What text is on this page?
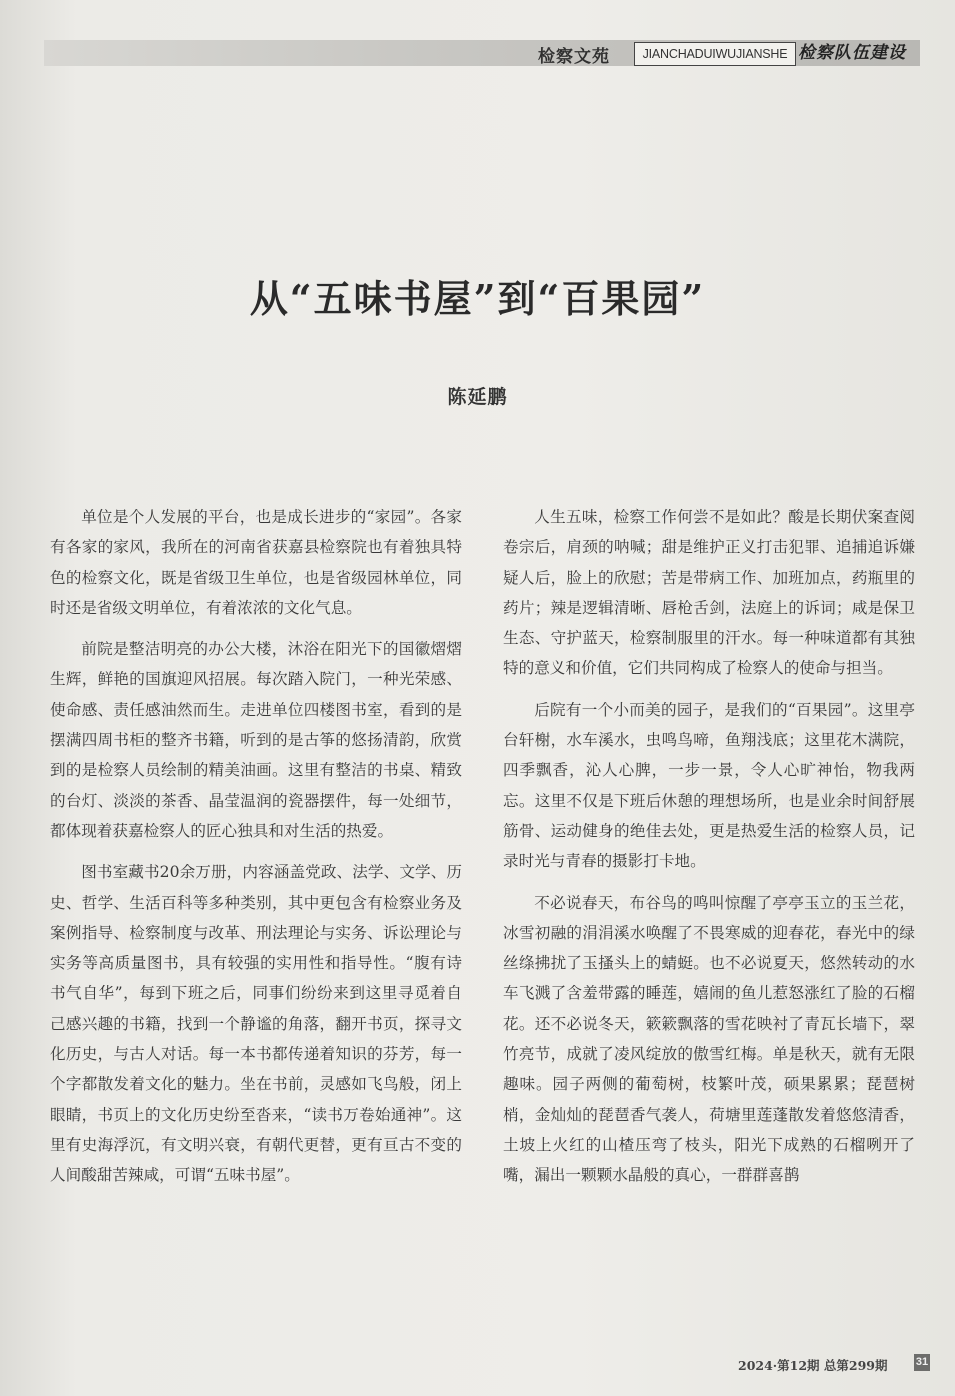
检察文苑	JIANCHADUIWUJIANSHE 检察队伍建设
从“五味书屋”到“百果园”
陈延鹏

单位是个人发展的平台，也是成长进步的“家园”。各家有各家的家风，我所在的河南省获嘉县检察院也有着独具特色的检察文化，既是省级卫生单位，也是省级园林单位，同时还是省级文明单位，有着浓浓的文化气息。

前院是整洁明亮的办公大楼，沐浴在阳光下的国徽熠熠生辉，鲜艳的国旗迎风招展。每次踏入院门，一种光荣感、使命感、责任感油然而生。走进单位四楼图书室，看到的是摆满四周书柜的整齐书籍，听到的是古筝的悠扬清韵，欣赏到的是检察人员绘制的精美油画。这里有整洁的书桌、精致的台灯、淡淡的茶香、晶莹温润的瓷器摆件，每一处细节，都体现着获嘉检察人的匠心独具和对生活的热爱。

图书室藏书20余万册，内容涵盖党政、法学、文学、历史、哲学、生活百科等多种类别，其中更包含有检察业务及案例指导、检察制度与改革、刑法理论与实务、诉讼理论与实务等高质量图书，具有较强的实用性和指导性。“腹有诗书气自华”，每到下班之后，同事们纷纷来到这里寻觅着自己感兴趣的书籍，找到一个静谧的角落，翻开书页，探寻文化历史，与古人对话。每一本书都传递着知识的芬芳，每一个字都散发着文化的魅力。坐在书前，灵感如飞鸟般，闭上眼睛，书页上的文化历史纷至沓来，“读书万卷始通神”。这里有史海浮沉，有文明兴衰，有朝代更替，更有亘古不变的人间酸甜苦辣咸，可谓“五味书屋”。

人生五味，检察工作何尝不是如此？酸是长期伏案查阅卷宗后，肩颈的呐喊；甜是维护正义打击犯罪、追捕追诉嫌疑人后，脸上的欣慰；苦是带病工作、加班加点，药瓶里的药片；辣是逻辑清晰、唇枪舌剑，法庭上的诉词；咸是保卫生态、守护蓝天，检察制服里的汗水。每一种味道都有其独特的意义和价值，它们共同构成了检察人的使命与担当。

后院有一个小而美的园子，是我们的“百果园”。这里亭台轩榭，水车溪水，虫鸣鸟啼，鱼翔浅底；这里花木满院，四季飘香，沁人心脾，一步一景，令人心旷神怡，物我两忘。这里不仅是下班后休憩的理想场所，也是业余时间舒展筋骨、运动健身的绝佳去处，更是热爱生活的检察人员，记录时光与青春的摄影打卡地。

不必说春天，布谷鸟的鸣叫惊醒了亭亭玉立的玉兰花，冰雪初融的涓涓溪水唤醒了不畏寒威的迎春花，春光中的绿丝绦拂扰了玉搔头上的蜻蜓。也不必说夏天，悠然转动的水车飞溅了含羞带露的睡莲，嬉闹的鱼儿惹怒涨红了脸的石榴花。还不必说冬天，簌簌飘落的雪花映衬了青瓦长墙下，翠竹亮节，成就了凌风绽放的傲雪红梅。单是秋天，就有无限趣味。园子两侧的葡萄树，枝繁叶茂，硕果累累；琵琶树梢，金灿灿的琵琶香气袭人，荷塘里莲蓬散发着悠悠清香，土坡上火红的山楂压弯了枝头，阳光下成熟的石榴咧开了嘴，漏出一颗颗水晶般的真心，一群群喜鹊

2024·第12期 总第299期	31
